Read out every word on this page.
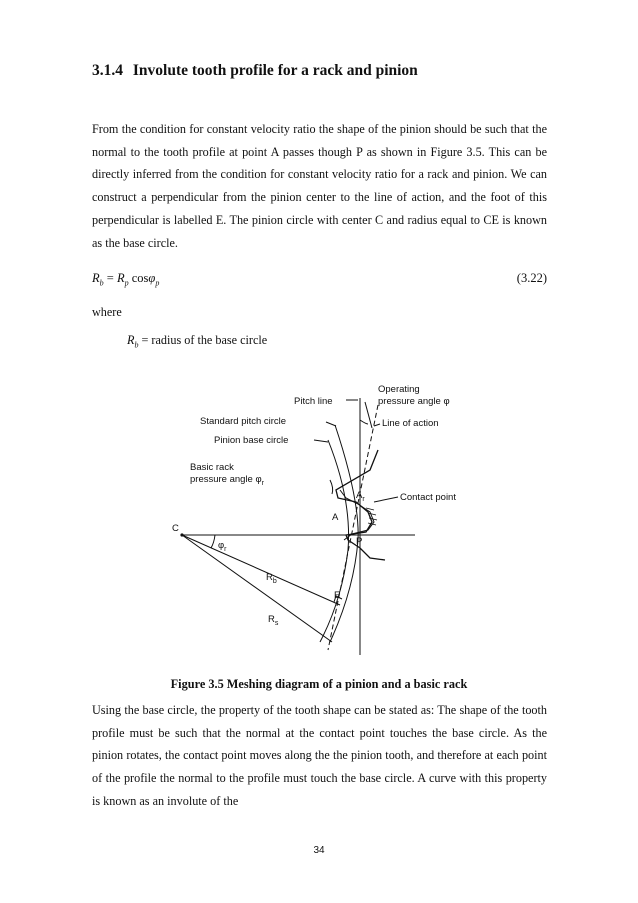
3.1.4 Involute tooth profile for a rack and pinion
From the condition for constant velocity ratio the shape of the pinion should be such that the normal to the tooth profile at point A passes though P as shown in Figure 3.5. This can be directly inferred from the condition for constant velocity ratio for a rack and pinion. We can construct a perpendicular from the pinion center to the line of action, and the foot of this perpendicular is labelled E. The pinion circle with center C and radius equal to CE is known as the base circle.
$R_b = R_p$ cosφ$_p$	(3.22)
where
$R_b$ = radius of the base circle
Pitch line
Operating
pressure angle φ
Line of action
Standard pitch circle
Pinion base circle
Basic rack
pressure angle $\varphi_r$
Contact point
$A_r$
A
C
P
$\varphi_r$
$R_b$
E
$R_s$
Figure 3.5 Meshing diagram of a pinion and a basic rack
Using the base circle, the property of the tooth shape can be stated as: The shape of the tooth profile must be such that the normal at the contact point touches the base circle. As the pinion rotates, the contact point moves along the the pinion tooth, and therefore at each point of the profile the normal to the profile must touch the base circle. A curve with this property is known as an involute of the
34
